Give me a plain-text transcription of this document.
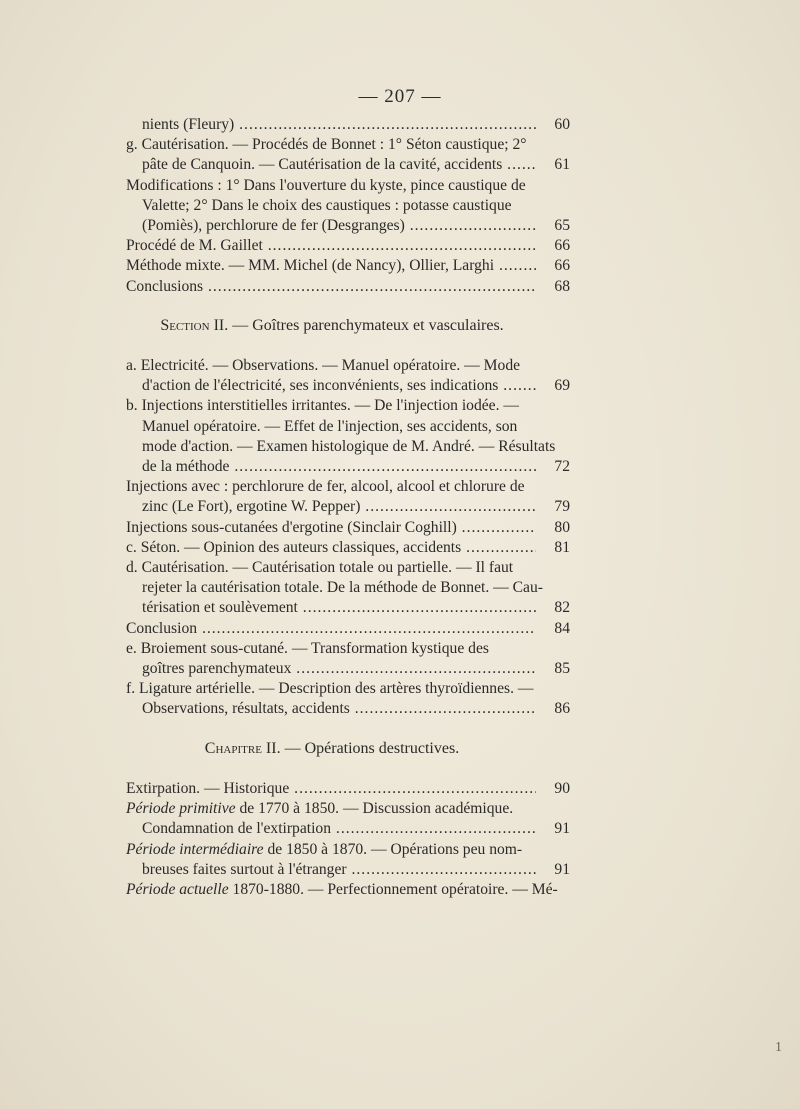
— 207 —
nients (Fleury) .....	60
g. Cautérisation. — Procédés de Bonnet : 1° Séton caustique; 2°
pâte de Canquoin. — Cautérisation de la cavité, accidents .....	61
Modifications : 1° Dans l'ouverture du kyste, pince caustique de
Valette; 2° Dans le choix des caustiques : potasse caustique
(Pomiès), perchlorure de fer (Desgranges) .....	65
Procédé de M. Gaillet .....	66
Méthode mixte. — MM. Michel (de Nancy), Ollier, Larghi .....	66
Conclusions .....	68
Section II. — Goîtres parenchymateux et vasculaires.
a. Electricité. — Observations. — Manuel opératoire. — Mode
d'action de l'électricité, ses inconvénients, ses indications .....	69
b. Injections interstitielles irritantes. — De l'injection iodée. —
Manuel opératoire. — Effet de l'injection, ses accidents, son
mode d'action. — Examen histologique de M. André. — Résultats
de la méthode .....	72
Injections avec : perchlorure de fer, alcool, alcool et chlorure de
zinc (Le Fort), ergotine W. Pepper) .....	79
Injections sous-cutanées d'ergotine (Sinclair Coghill) .....	80
c. Séton. — Opinion des auteurs classiques, accidents .....	81
d. Cautérisation. — Cautérisation totale ou partielle. — Il faut
rejeter la cautérisation totale. De la méthode de Bonnet. — Cau-
térisation et soulèvement .....	82
Conclusion .....	84
e. Broiement sous-cutané. — Transformation kystique des
goîtres parenchymateux .....	85
f. Ligature artérielle. — Description des artères thyroïdiennes. —
Observations, résultats, accidents .....	86
Chapitre II. — Opérations destructives.
Extirpation. — Historique .....	90
Période primitive de 1770 à 1850. — Discussion académique.
Condamnation de l'extirpation .....	91
Période intermédiaire de 1850 à 1870. — Opérations peu nom-
breuses faites surtout à l'étranger .....	91
Période actuelle 1870-1880. — Perfectionnement opératoire. — Mé-
1
